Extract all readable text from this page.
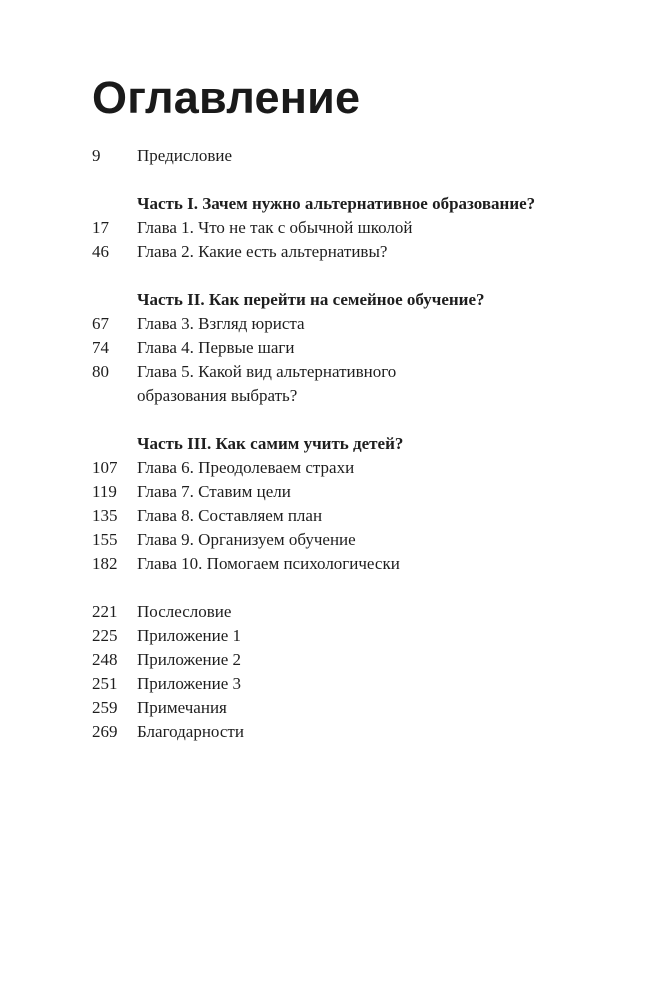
Оглавление
9	Предисловие
Часть I. Зачем нужно альтернативное образование?
17	Глава 1. Что не так с обычной школой
46	Глава 2. Какие есть альтернативы?
Часть II. Как перейти на семейное обучение?
67	Глава 3. Взгляд юриста
74	Глава 4. Первые шаги
80	Глава 5. Какой вид альтернативного
образования выбрать?
Часть III. Как самим учить детей?
107	Глава 6. Преодолеваем страхи
119	Глава 7. Ставим цели
135	Глава 8. Составляем план
155	Глава 9. Организуем обучение
182	Глава 10. Помогаем психологически
221	Послесловие
225	Приложение 1
248	Приложение 2
251	Приложение 3
259	Примечания
269	Благодарности
